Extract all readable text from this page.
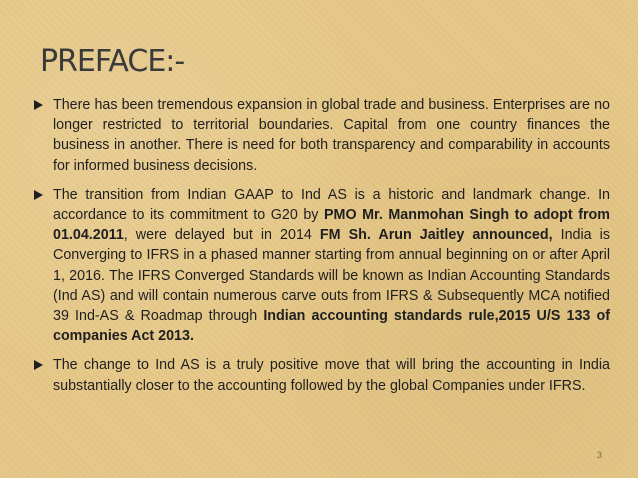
PREFACE:-
There has been tremendous expansion in global trade and business. Enterprises are no longer restricted to territorial boundaries. Capital from one country finances the business in another. There is need for both transparency and comparability in accounts for informed business decisions.
The transition from Indian GAAP to Ind AS is a historic and landmark change. In accordance to its commitment to G20 by PMO Mr. Manmohan Singh to adopt from 01.04.2011, were delayed but in 2014 FM Sh. Arun Jaitley announced, India is Converging to IFRS in a phased manner starting from annual beginning on or after April 1, 2016. The IFRS Converged Standards will be known as Indian Accounting Standards (Ind AS) and will contain numerous carve outs from IFRS & Subsequently MCA notified 39 Ind-AS & Roadmap through Indian accounting standards rule,2015 U/S 133 of companies Act 2013.
The change to Ind AS is a truly positive move that will bring the accounting in India substantially closer to the accounting followed by the global Companies under IFRS.
3
